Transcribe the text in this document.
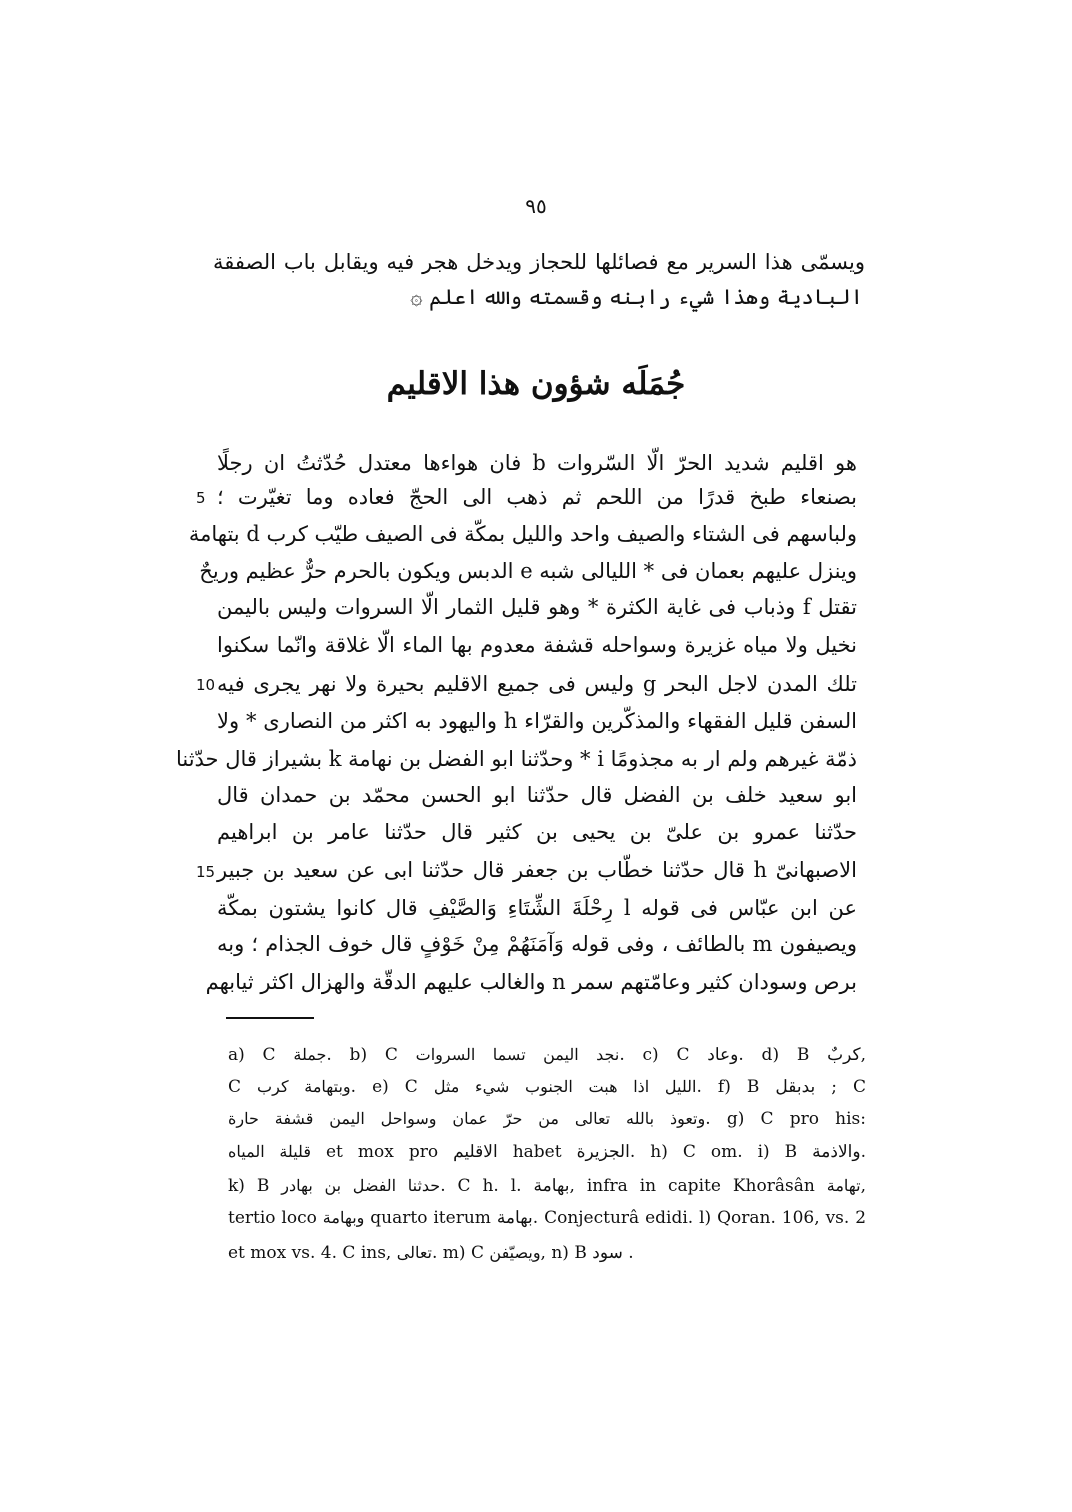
٩٥
ويسمّى هذا السرير مع فصائلها للحجاز ويدخل هجر فيه ويقابل باب الصفقة
البادية وهذا شيء رابنه وقسمته والله اعلم ۞
جُمَلَه شؤون هذا الاقليم
هو اقليم شديد الحرّ الّا السّروات b فان هواءها معتدل حُدّثتُ ان رجلًا
بصنعاء طبخ قدرًا من اللحم ثم ذهب الى الحجّ فعاده وما تغيّرت ؛
5
ولباسهم فى الشتاء والصيف واحد والليل بمكّة فى الصيف طيّب كرب d بتهامة
وينزل عليهم بعمان فى * الليالى شبه e الدبس ويكون بالحرم حرٌّ عظيم وريحٌ
تقتل f وذباب فى غاية الكثرة * وهو قليل الثمار الّا السروات وليس باليمن
نخيل ولا مياه غزيرة وسواحله قشفة معدوم بها الماء الّا غلاقة وانّما سكنوا
تلك المدن لاجل البحر g وليس فى جميع الاقليم بحيرة ولا نهر يجرى فيه
10
السفن قليل الفقهاء والمذكّرين والقرّاء h واليهود به اكثر من النصارى * ولا
ذمّة غيرهم ولم ار به مجذومًا i * وحدّثنا ابو الفضل بن نهامة k بشيراز قال حدّثنا
ابو سعيد خلف بن الفضل قال حدّثنا ابو الحسن محمّد بن حمدان قال
حدّثنا عمرو بن علىّ بن يحيى بن كثير قال حدّثنا عامر بن ابراهيم
الاصبهانىّ h قال حدّثنا خطّاب بن جعفر قال حدّثنا ابى عن سعيد بن جبير
15
عن ابن عبّاس فى قوله l رِحْلَةَ الشِّتَاءِ وَالصَّيْفِ قال كانوا يشتون بمكّة
ويصيفون m بالطائف ، وفى قوله وَآمَنَهُمْ مِنْ خَوْفٍ قال خوف الجذام ؛ وبه
برص وسودان كثير وعامّتهم سمر n والغالب عليهم الدقّة والهزال اكثر ثيابهم
a) C جملة. b) C نجد اليمن تسما السروات. c) C وعاد. d) B كربٌ,
C وبتهامة كرب. e) C الليل اذا هبت الجنوب شيء مثل. f) B بدبقل ; C
وتعوذ بالله تعالى من حرّ عمان وسواحل اليمن قشفة حارة. g) C pro his:
قليلة المياه et mox pro الاقليم habet الجزيرة. h) C om. i) B والاذمة.
k) B حدثنا الفضل بن بهادر. C h. l. بهامة, infra in capite Khorâsân تهامة,
tertio loco وبهامة quarto iterum بهامة. Conjecturâ edidi. l) Qoran. 106, vs. 2
et mox vs. 4. C ins, تعالى. m) C ويصيّفن, n) B سود .
